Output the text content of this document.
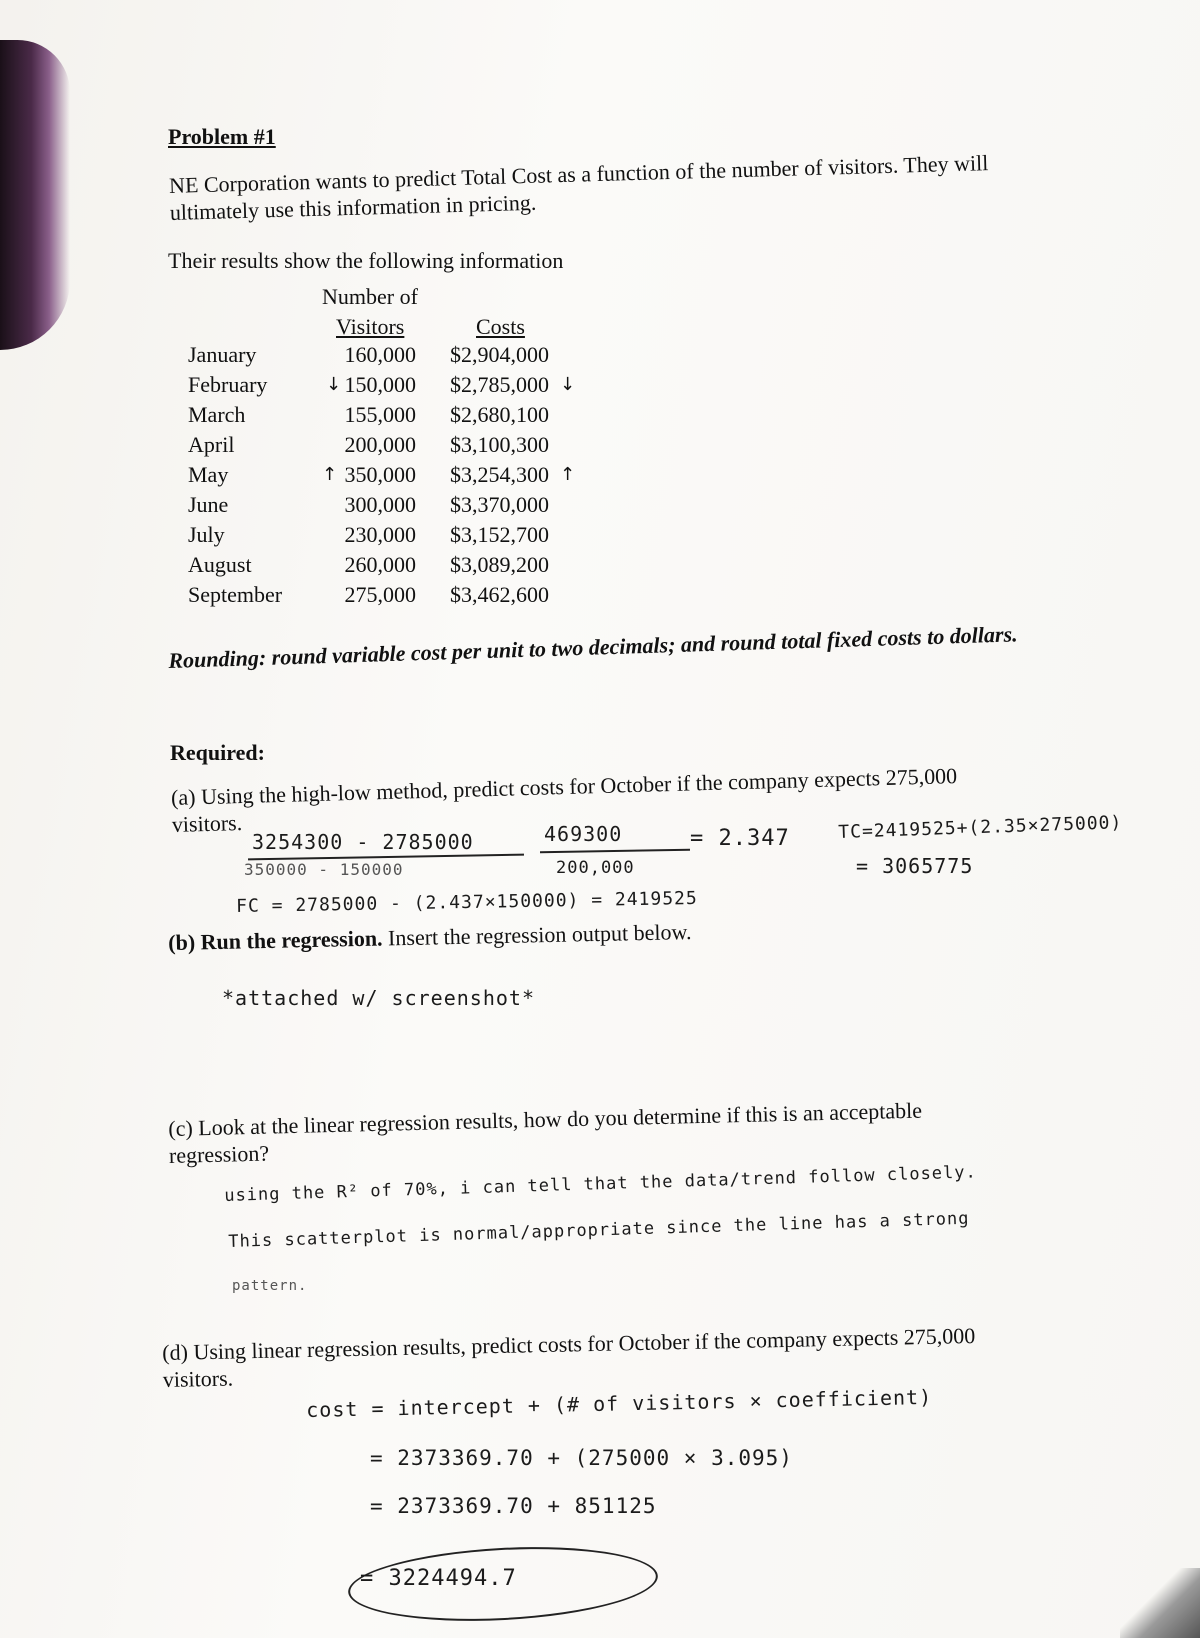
Problem #1

NE Corporation wants to predict Total Cost as a function of the number of visitors. They will ultimately use this information in pricing.
Their results show the following information
Number of
Visitors	Costs
January	160,000 $2,904,000
February	↓ 150,000 $2,785,000 ↓
March	155,000 $2,680,100
April	200,000 $3,100,300
May	↑ 350,000 $3,254,300 ↑
June	300,000 $3,370,000
July	230,000 $3,152,700
August	260,000 $3,089,200
September	275,000 $3,462,600
Rounding: round variable cost per unit to two decimals; and round total fixed costs to dollars.
Required:

(a) Using the high-low method, predict costs for October if the company expects 275,000 visitors.
3254300 - 2785000
350000 - 150000
469300
200,000
= 2.347	TC=2419525+(2.35×275000)
= 3065775
FC = 2785000 - (2.437×150000) = 2419525
(b) Run the regression. Insert the regression output below.
*attached w/ screenshot*
(c) Look at the linear regression results, how do you determine if this is an acceptable regression?
using the R² of 70%, i can tell that the data/trend follow closely.
This scatterplot is normal/appropriate since the line has a strong
pattern.
(d) Using linear regression results, predict costs for October if the company expects 275,000 visitors.
cost = intercept + (# of visitors × coefficient)
= 2373369.70 + (275000 × 3.095)
= 2373369.70 + 851125
= 3224494.7
